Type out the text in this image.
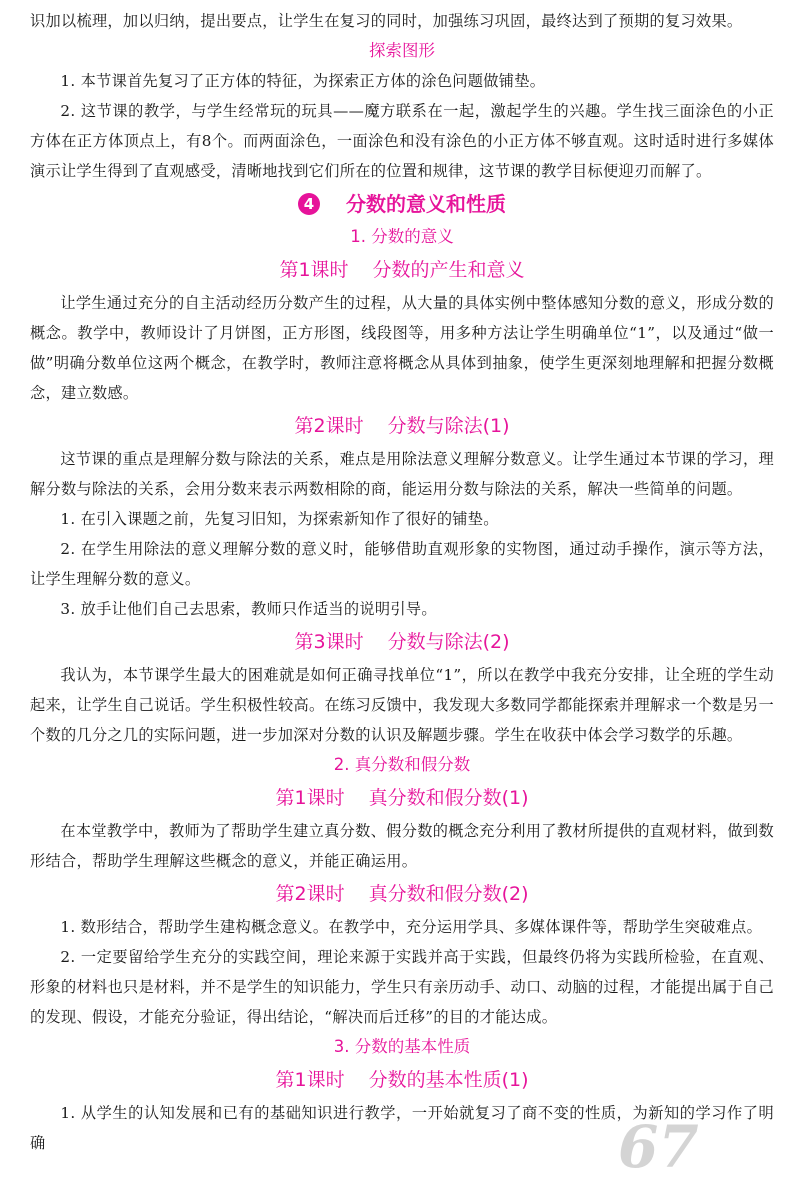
识加以梳理，加以归纳，提出要点，让学生在复习的同时，加强练习巩固，最终达到了预期的复习效果。

探索图形

1. 本节课首先复习了正方体的特征，为探索正方体的涂色问题做铺垫。

2. 这节课的教学，与学生经常玩的玩具——魔方联系在一起，激起学生的兴趣。学生找三面涂色的小正方体在正方体顶点上，有8个。而两面涂色，一面涂色和没有涂色的小正方体不够直观。这时适时进行多媒体演示让学生得到了直观感受，清晰地找到它们所在的位置和规律，这节课的教学目标便迎刃而解了。

4 分数的意义和性质
1. 分数的意义
第1课时 分数的产生和意义

让学生通过充分的自主活动经历分数产生的过程，从大量的具体实例中整体感知分数的意义，形成分数的概念。教学中，教师设计了月饼图，正方形图，线段图等，用多种方法让学生明确单位“1”，以及通过“做一做”明确分数单位这两个概念，在教学时，教师注意将概念从具体到抽象，使学生更深刻地理解和把握分数概念，建立数感。

第2课时 分数与除法(1)

这节课的重点是理解分数与除法的关系，难点是用除法意义理解分数意义。让学生通过本节课的学习，理解分数与除法的关系，会用分数来表示两数相除的商，能运用分数与除法的关系，解决一些简单的问题。

1. 在引入课题之前，先复习旧知，为探索新知作了很好的铺垫。

2. 在学生用除法的意义理解分数的意义时，能够借助直观形象的实物图，通过动手操作，演示等方法，让学生理解分数的意义。

3. 放手让他们自己去思索，教师只作适当的说明引导。

第3课时 分数与除法(2)

我认为，本节课学生最大的困难就是如何正确寻找单位“1”，所以在教学中我充分安排，让全班的学生动起来，让学生自己说话。学生积极性较高。在练习反馈中，我发现大多数同学都能探索并理解求一个数是另一个数的几分之几的实际问题，进一步加深对分数的认识及解题步骤。学生在收获中体会学习数学的乐趣。

2. 真分数和假分数
第1课时 真分数和假分数(1)

在本堂教学中，教师为了帮助学生建立真分数、假分数的概念充分利用了教材所提供的直观材料，做到数形结合，帮助学生理解这些概念的意义，并能正确运用。

第2课时 真分数和假分数(2)

1. 数形结合，帮助学生建构概念意义。在教学中，充分运用学具、多媒体课件等，帮助学生突破难点。

2. 一定要留给学生充分的实践空间，理论来源于实践并高于实践，但最终仍将为实践所检验，在直观、形象的材料也只是材料，并不是学生的知识能力，学生只有亲历动手、动口、动脑的过程，才能提出属于自己的发现、假设，才能充分验证，得出结论，“解决而后迁移”的目的才能达成。

3. 分数的基本性质
第1课时 分数的基本性质(1)

1. 从学生的认知发展和已有的基础知识进行教学，一开始就复习了商不变的性质，为新知的学习作了明确	67
